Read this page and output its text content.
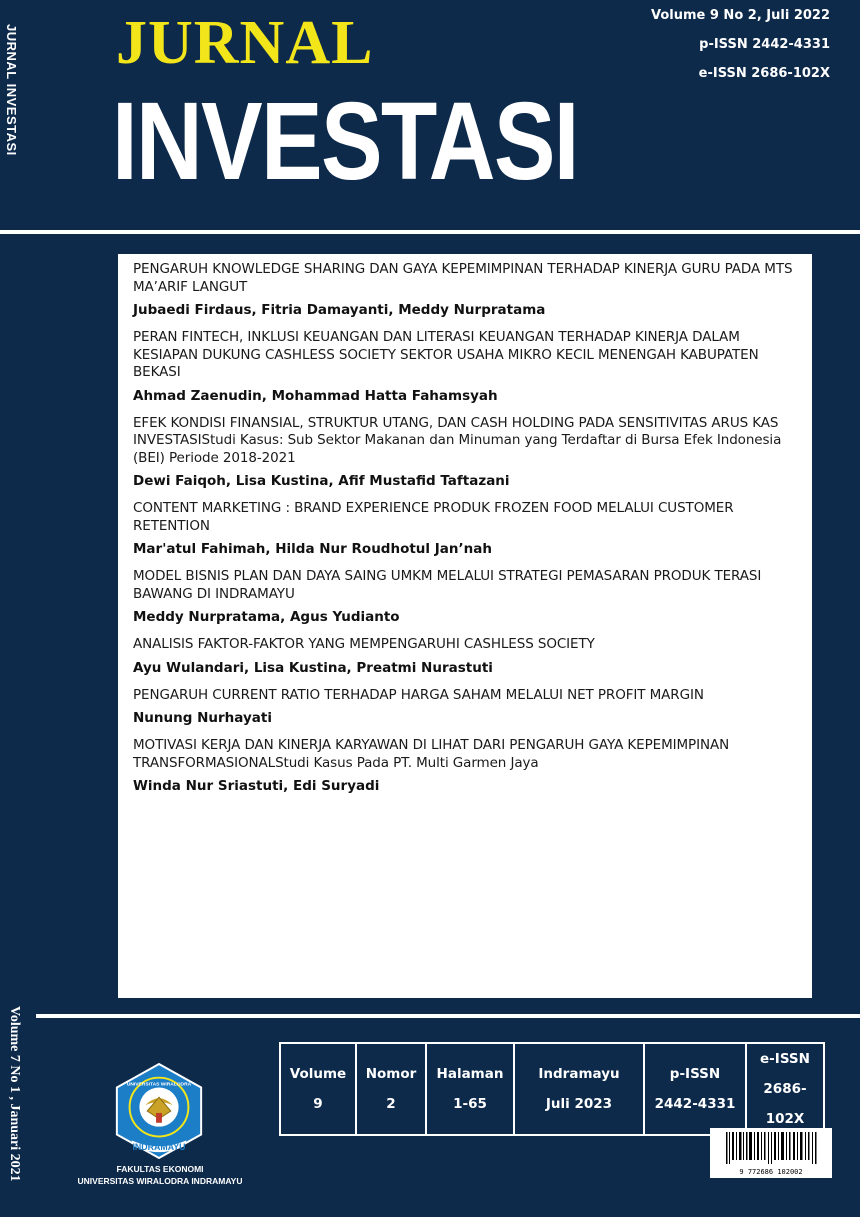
JURNAL INVESTASI
Volume 7 No 1 , Januari 2021
JURNAL
INVESTASI
Volume 9 No 2, Juli 2022
p-ISSN 2442-4331
e-ISSN 2686-102X
PENGARUH KNOWLEDGE SHARING DAN GAYA KEPEMIMPINAN TERHADAP KINERJA GURU PADA MTS MA’ARIF LANGUT
Jubaedi Firdaus, Fitria Damayanti, Meddy Nurpratama
PERAN FINTECH, INKLUSI KEUANGAN DAN LITERASI KEUANGAN TERHADAP KINERJA DALAM KESIAPAN DUKUNG CASHLESS SOCIETY SEKTOR USAHA MIKRO KECIL MENENGAH KABUPATEN BEKASI
Ahmad Zaenudin, Mohammad Hatta Fahamsyah
EFEK KONDISI FINANSIAL, STRUKTUR UTANG, DAN CASH HOLDING PADA SENSITIVITAS ARUS KAS INVESTASIStudi Kasus: Sub Sektor Makanan dan Minuman yang Terdaftar di Bursa Efek Indonesia (BEI) Periode 2018-2021
Dewi Faiqoh, Lisa Kustina, Afif Mustafid Taftazani
CONTENT MARKETING : BRAND EXPERIENCE PRODUK FROZEN FOOD MELALUI CUSTOMER RETENTION
Mar'atul Fahimah, Hilda Nur Roudhotul Jan’nah
MODEL BISNIS PLAN DAN DAYA SAING UMKM MELALUI STRATEGI PEMASARAN PRODUK TERASI BAWANG DI INDRAMAYU
Meddy Nurpratama, Agus Yudianto
ANALISIS FAKTOR-FAKTOR YANG MEMPENGARUHI CASHLESS SOCIETY
Ayu Wulandari, Lisa Kustina, Preatmi Nurastuti
PENGARUH CURRENT RATIO TERHADAP HARGA SAHAM MELALUI NET PROFIT MARGIN
Nunung Nurhayati
MOTIVASI KERJA DAN KINERJA KARYAWAN DI LIHAT DARI PENGARUH GAYA KEPEMIMPINAN TRANSFORMASIONALStudi Kasus Pada PT. Multi Garmen Jaya
Winda Nur Sriastuti, Edi Suryadi
Volume
9

Nomor
2

Halaman
1-65

Indramayu
Juli 2023

p-ISSN
2442-4331

e-ISSN
2686-102X
INDRAMAYU
UNIVERSITAS WIRALODRA
FAKULTAS EKONOMI
UNIVERSITAS WIRALODRA INDRAMAYU
9 772686 102002
